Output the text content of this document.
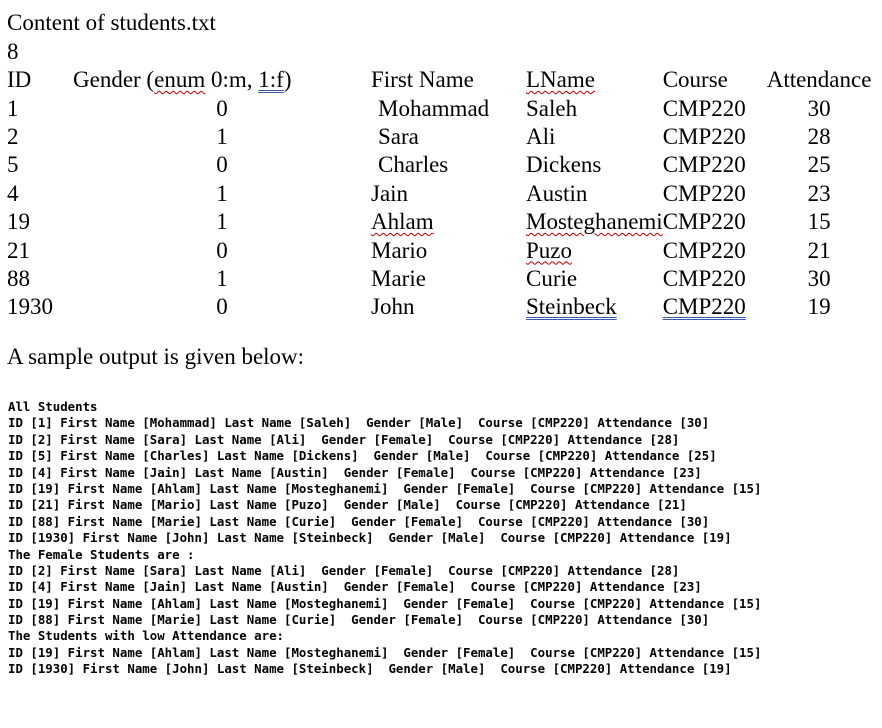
Content of students.txt
8
ID	Gender (enum 0:m, 1:f)	First Name	LName	Course	Attendance
1	0	Mohammad	Saleh	CMP220	30
2	1	Sara	Ali	CMP220	28
5	0	Charles	Dickens	CMP220	25
4	1	Jain	Austin	CMP220	23
19	1	Ahlam	Mosteghanemi	CMP220	15
21	0	Mario	Puzo	CMP220	21
88	1	Marie	Curie	CMP220	30
1930	0	John	Steinbeck	CMP220	19
A sample output is given below:
All Students
ID [1] First Name [Mohammad] Last Name [Saleh]  Gender [Male]  Course [CMP220] Attendance [30]
ID [2] First Name [Sara] Last Name [Ali]  Gender [Female]  Course [CMP220] Attendance [28]
ID [5] First Name [Charles] Last Name [Dickens]  Gender [Male]  Course [CMP220] Attendance [25]
ID [4] First Name [Jain] Last Name [Austin]  Gender [Female]  Course [CMP220] Attendance [23]
ID [19] First Name [Ahlam] Last Name [Mosteghanemi]  Gender [Female]  Course [CMP220] Attendance [15]
ID [21] First Name [Mario] Last Name [Puzo]  Gender [Male]  Course [CMP220] Attendance [21]
ID [88] First Name [Marie] Last Name [Curie]  Gender [Female]  Course [CMP220] Attendance [30]
ID [1930] First Name [John] Last Name [Steinbeck]  Gender [Male]  Course [CMP220] Attendance [19]
The Female Students are :
ID [2] First Name [Sara] Last Name [Ali]  Gender [Female]  Course [CMP220] Attendance [28]
ID [4] First Name [Jain] Last Name [Austin]  Gender [Female]  Course [CMP220] Attendance [23]
ID [19] First Name [Ahlam] Last Name [Mosteghanemi]  Gender [Female]  Course [CMP220] Attendance [15]
ID [88] First Name [Marie] Last Name [Curie]  Gender [Female]  Course [CMP220] Attendance [30]
The Students with low Attendance are:
ID [19] First Name [Ahlam] Last Name [Mosteghanemi]  Gender [Female]  Course [CMP220] Attendance [15]
ID [1930] First Name [John] Last Name [Steinbeck]  Gender [Male]  Course [CMP220] Attendance [19]
